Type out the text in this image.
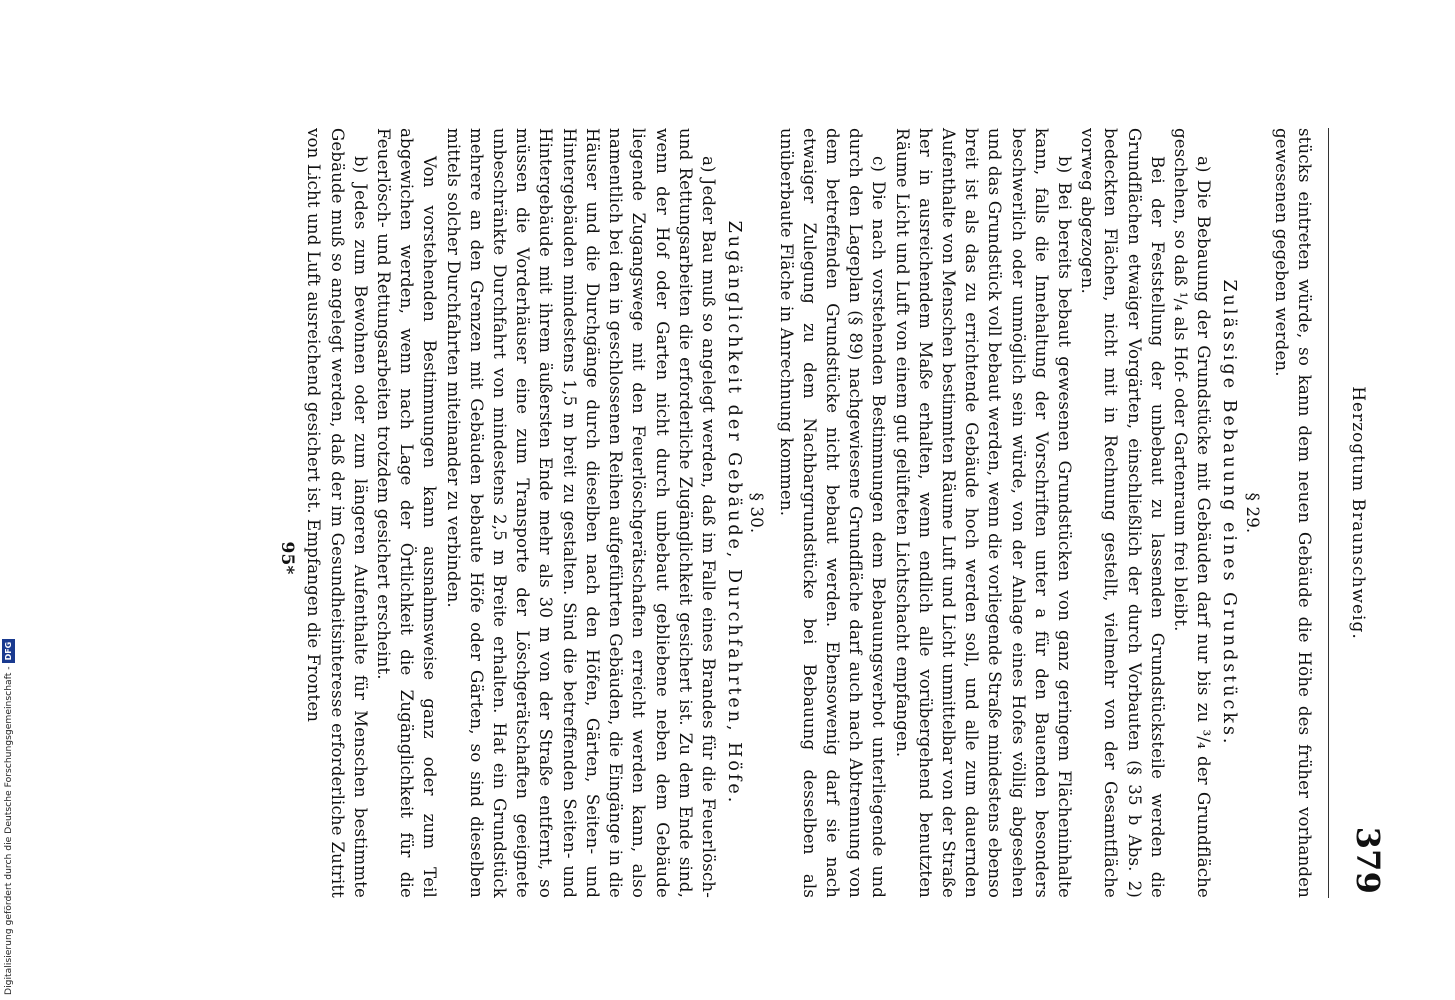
Herzogtum Braunschweig.
379

stücks eintreten würde, so kann dem neuen Gebäude die Höhe des früher vorhanden gewesenen gegeben werden.

§ 29.

Zulässige Bebauung eines Grundstücks.

a) Die Bebauung der Grundstücke mit Gebäuden darf nur bis zu ³/₄ der Grundfläche geschehen, so daß ¹/₄ als Hof- oder Gartenraum frei bleibt.

Bei der Feststellung der unbebaut zu lassenden Grundstücksteile werden die Grundflächen etwaiger Vorgärten, einschließlich der durch Vorbauten (§ 35 b Abs. 2) bedeckten Flächen, nicht mit in Rechnung gestellt, vielmehr von der Gesamtfläche vorweg abgezogen.

b) Bei bereits bebaut gewesenen Grundstücken von ganz geringem Flächeninhalte kann, falls die Innehaltung der Vorschriften unter a für den Bauenden besonders beschwerlich oder unmöglich sein würde, von der Anlage eines Hofes völlig abgesehen und das Grundstück voll bebaut werden, wenn die vorliegende Straße mindestens ebenso breit ist als das zu errichtende Gebäude hoch werden soll, und alle zum dauernden Aufenthalte von Menschen bestimmten Räume Luft und Licht unmittelbar von der Straße her in ausreichendem Maße erhalten, wenn endlich alle vorübergehend benutzten Räume Licht und Luft von einem gut gelüfteten Lichtschacht empfangen.

c) Die nach vorstehenden Bestimmungen dem Bebauungsverbot unterliegende und durch den Lageplan (§ 89) nachgewiesene Grundfläche darf auch nach Abtrennung von dem betreffenden Grundstücke nicht bebaut werden. Ebensowenig darf sie nach etwaiger Zulegung zu dem Nachbargrundstücke bei Bebauung desselben als unüberbaute Fläche in Anrechnung kommen.

§ 30.

Zugänglichkeit der Gebäude, Durchfahrten, Höfe.

a) Jeder Bau muß so angelegt werden, daß im Falle eines Brandes für die Feuerlösch- und Rettungsarbeiten die erforderliche Zugänglichkeit gesichert ist. Zu dem Ende sind, wenn der Hof oder Garten nicht durch unbebaut gebliebene neben dem Gebäude liegende Zugangswege mit den Feuerlöschgerätschaften erreicht werden kann, also namentlich bei den in geschlossenen Reihen aufgeführten Gebäuden, die Eingänge in die Häuser und die Durchgänge durch dieselben nach den Höfen, Gärten, Seiten- und Hintergebäuden mindestens 1,5 m breit zu gestalten. Sind die betreffenden Seiten- und Hintergebäude mit ihrem äußersten Ende mehr als 30 m von der Straße entfernt, so müssen die Vorderhäuser eine zum Transporte der Löschgerätschaften geeignete unbeschränkte Durchfahrt von mindestens 2,5 m Breite erhalten. Hat ein Grundstück mehrere an den Grenzen mit Gebäuden bebaute Höfe oder Gärten, so sind dieselben mittels solcher Durchfahrten miteinander zu verbinden.

Von vorstehenden Bestimmungen kann ausnahmsweise ganz oder zum Teil abgewichen werden, wenn nach Lage der Örtlichkeit die Zugänglichkeit für die Feuerlösch- und Rettungsarbeiten trotzdem gesichert erscheint.

b) Jedes zum Bewohnen oder zum längeren Aufenthalte für Menschen bestimmte Gebäude muß so angelegt werden, daß der im Gesundheitsinteresse erforderliche Zutritt von Licht und Luft ausreichend gesichert ist. Empfangen die Fronten

95*
Digitalisierung gefördert durch die Deutsche Forschungsgemeinschaft -
DFG
